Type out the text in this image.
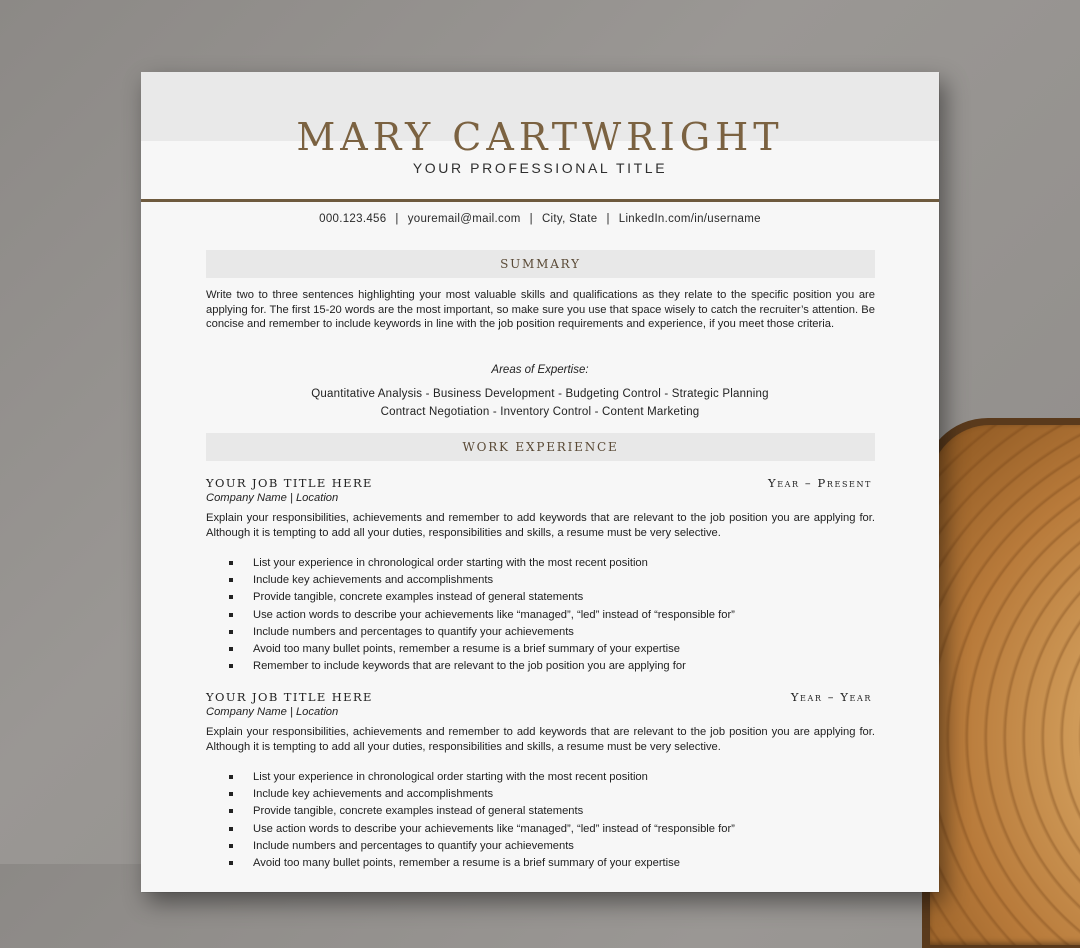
MARY CARTWRIGHT
YOUR PROFESSIONAL TITLE
000.123.456 | youremail@mail.com | City, State | LinkedIn.com/in/username
SUMMARY

Write two to three sentences highlighting your most valuable skills and qualifications as they relate to the specific position you are applying for. The first 15-20 words are the most important, so make sure you use that space wisely to catch the recruiter’s attention. Be concise and remember to include keywords in line with the job position requirements and experience, if you meet those criteria.

Areas of Expertise:
Quantitative Analysis - Business Development - Budgeting Control - Strategic Planning
Contract Negotiation - Inventory Control - Content Marketing
WORK EXPERIENCE
YOUR JOB TITLE HERE	Year – Present
Company Name | Location

Explain your responsibilities, achievements and remember to add keywords that are relevant to the job position you are applying for. Although it is tempting to add all your duties, responsibilities and skills, a resume must be very selective.

List your experience in chronological order starting with the most recent position
Include key achievements and accomplishments
Provide tangible, concrete examples instead of general statements
Use action words to describe your achievements like “managed”, “led” instead of “responsible for”
Include numbers and percentages to quantify your achievements
Avoid too many bullet points, remember a resume is a brief summary of your expertise
Remember to include keywords that are relevant to the job position you are applying for
YOUR JOB TITLE HERE	Year – Year
Company Name | Location

Explain your responsibilities, achievements and remember to add keywords that are relevant to the job position you are applying for. Although it is tempting to add all your duties, responsibilities and skills, a resume must be very selective.

List your experience in chronological order starting with the most recent position
Include key achievements and accomplishments
Provide tangible, concrete examples instead of general statements
Use action words to describe your achievements like “managed”, “led” instead of “responsible for”
Include numbers and percentages to quantify your achievements
Avoid too many bullet points, remember a resume is a brief summary of your expertise
